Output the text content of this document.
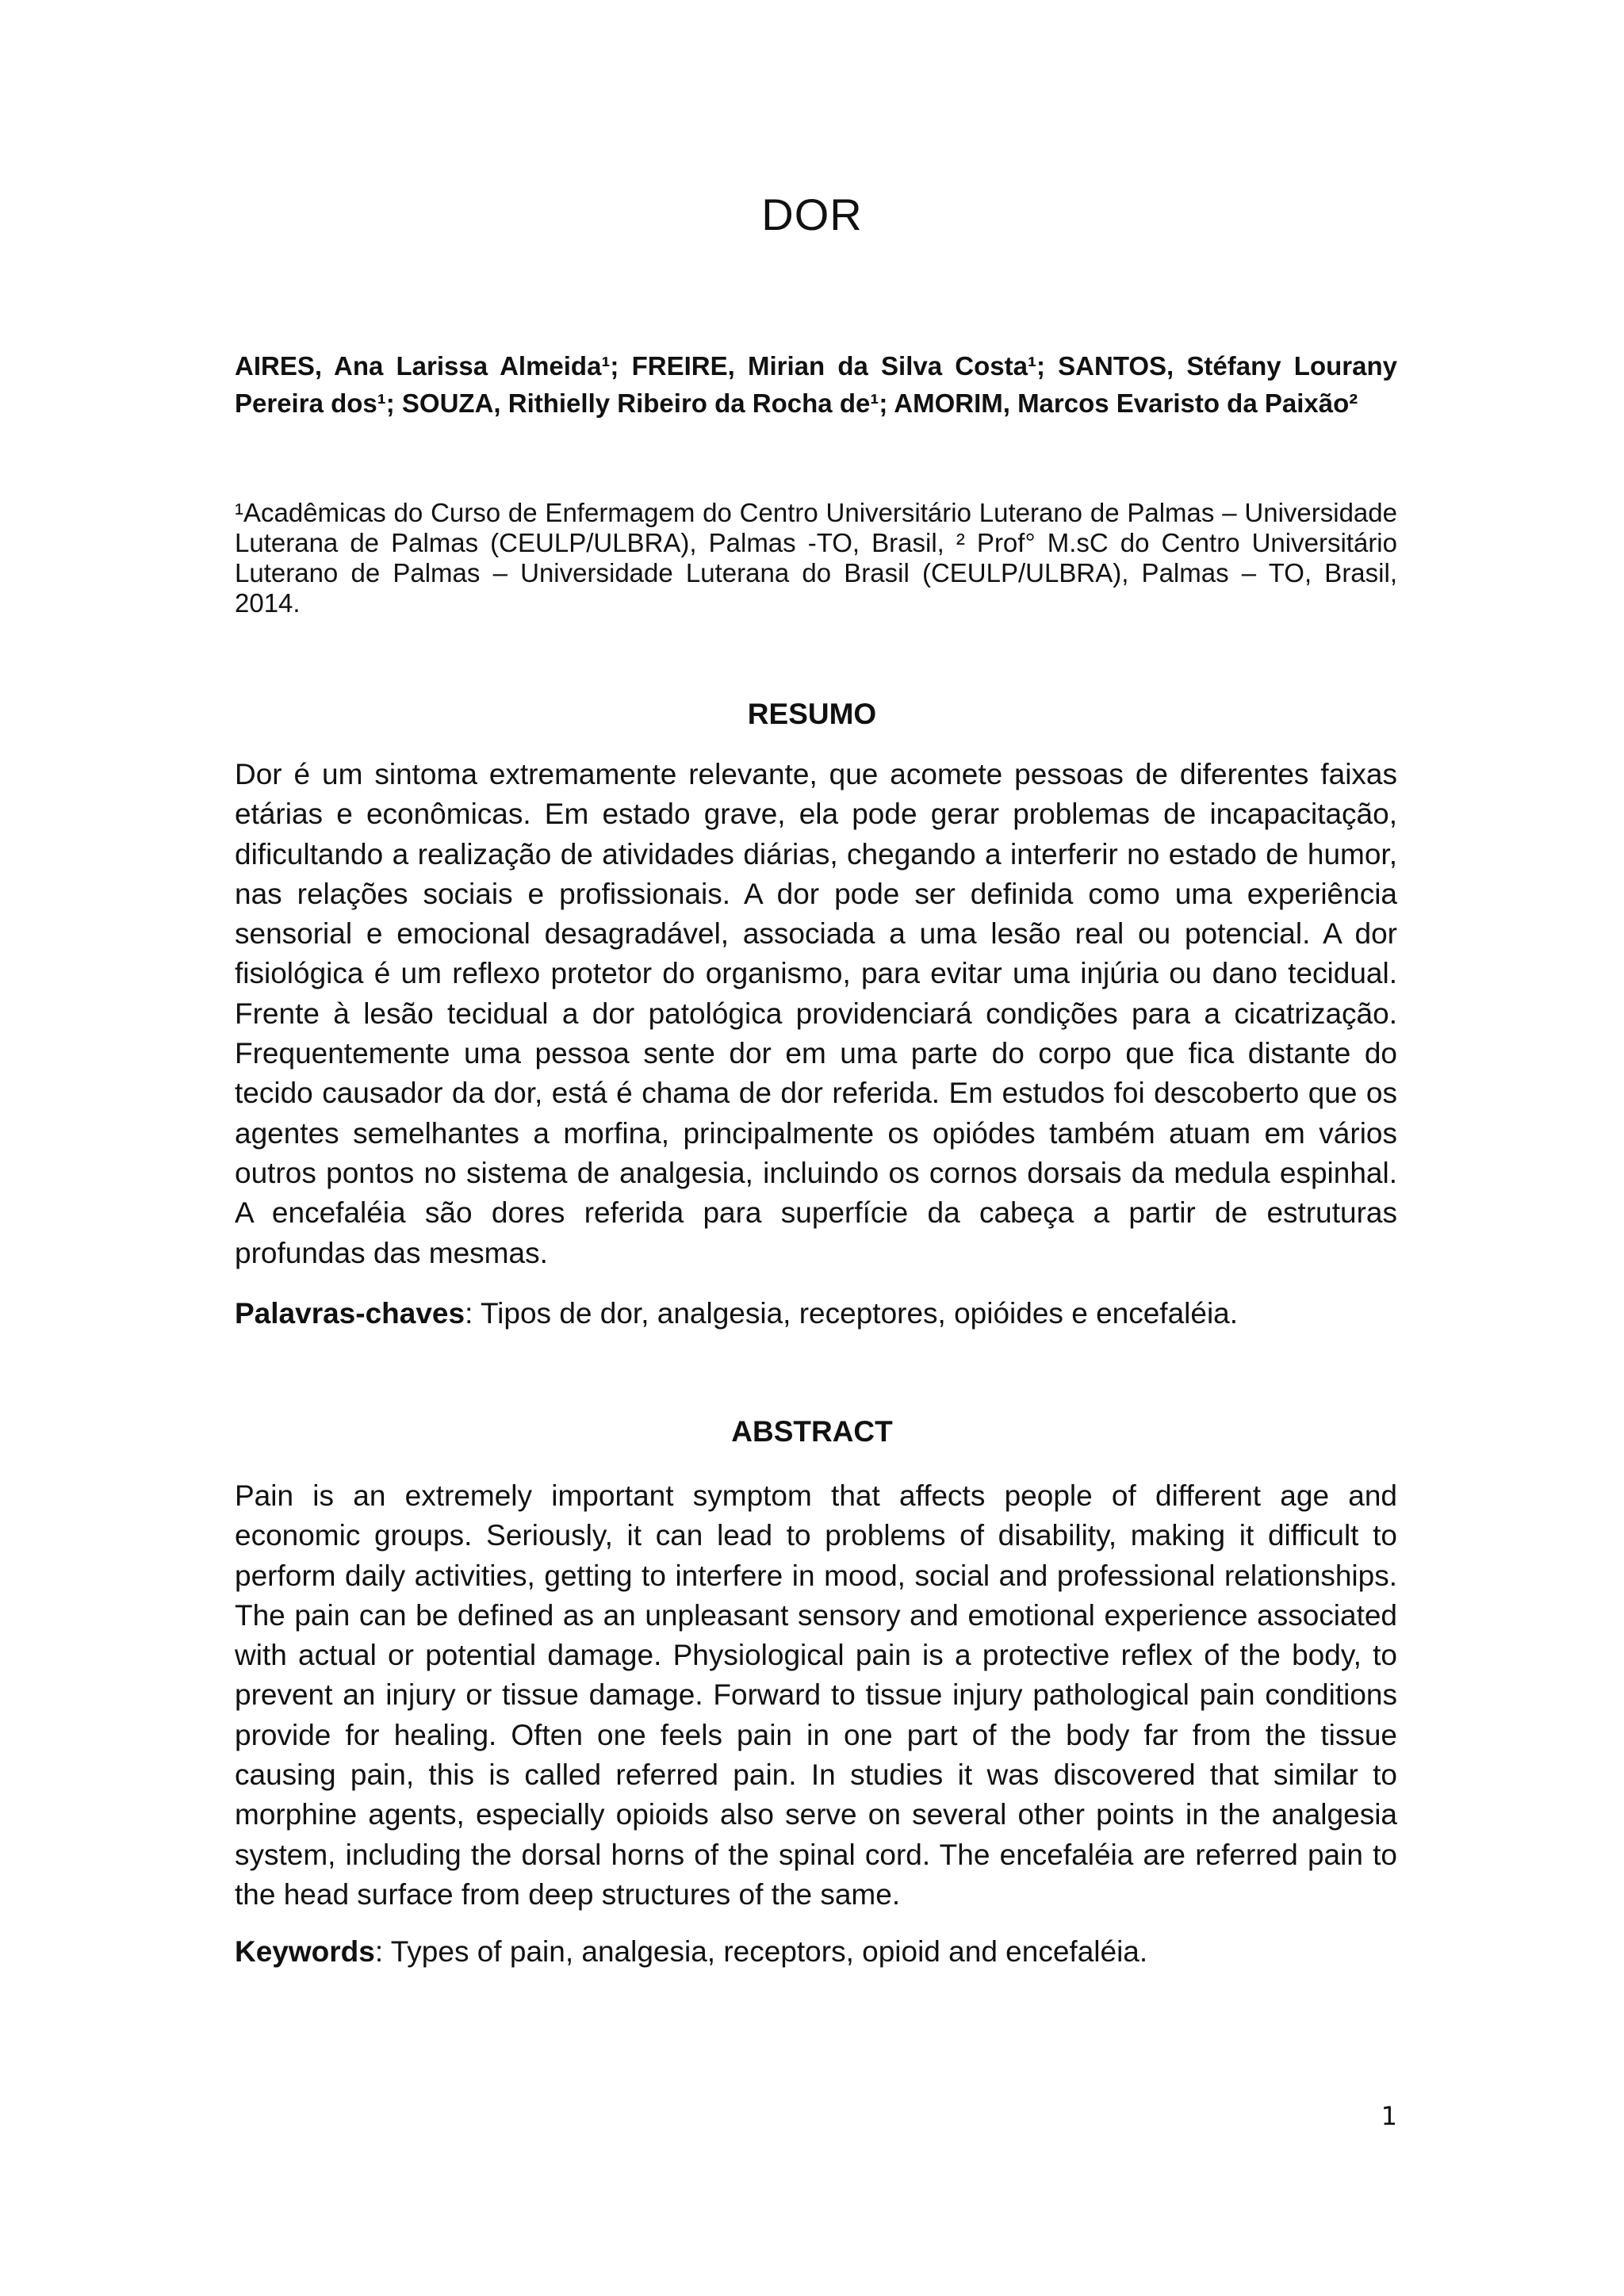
DOR

AIRES, Ana Larissa Almeida¹; FREIRE, Mirian da Silva Costa¹; SANTOS, Stéfany Lourany Pereira dos¹; SOUZA, Rithielly Ribeiro da Rocha de¹; AMORIM, Marcos Evaristo da Paixão²

¹Acadêmicas do Curso de Enfermagem do Centro Universitário Luterano de Palmas – Universidade Luterana de Palmas (CEULP/ULBRA), Palmas -TO, Brasil, ² Prof° M.sC do Centro Universitário Luterano de Palmas – Universidade Luterana do Brasil (CEULP/ULBRA), Palmas – TO, Brasil, 2014.

RESUMO

Dor é um sintoma extremamente relevante, que acomete pessoas de diferentes faixas etárias e econômicas. Em estado grave, ela pode gerar problemas de incapacitação, dificultando a realização de atividades diárias, chegando a interferir no estado de humor, nas relações sociais e profissionais. A dor pode ser definida como uma experiência sensorial e emocional desagradável, associada a uma lesão real ou potencial. A dor fisiológica é um reflexo protetor do organismo, para evitar uma injúria ou dano tecidual. Frente à lesão tecidual a dor patológica providenciará condições para a cicatrização. Frequentemente uma pessoa sente dor em uma parte do corpo que fica distante do tecido causador da dor, está é chama de dor referida. Em estudos foi descoberto que os agentes semelhantes a morfina, principalmente os opiódes também atuam em vários outros pontos no sistema de analgesia, incluindo os cornos dorsais da medula espinhal. A encefaléia são dores referida para superfície da cabeça a partir de estruturas profundas das mesmas.

Palavras-chaves: Tipos de dor, analgesia, receptores, opióides e encefaléia.

ABSTRACT

Pain is an extremely important symptom that affects people of different age and economic groups. Seriously, it can lead to problems of disability, making it difficult to perform daily activities, getting to interfere in mood, social and professional relationships. The pain can be defined as an unpleasant sensory and emotional experience associated with actual or potential damage. Physiological pain is a protective reflex of the body, to prevent an injury or tissue damage. Forward to tissue injury pathological pain conditions provide for healing. Often one feels pain in one part of the body far from the tissue causing pain, this is called referred pain. In studies it was discovered that similar to morphine agents, especially opioids also serve on several other points in the analgesia system, including the dorsal horns of the spinal cord. The encefaléia are referred pain to the head surface from deep structures of the same.

Keywords: Types of pain, analgesia, receptors, opioid and encefaléia.

1
